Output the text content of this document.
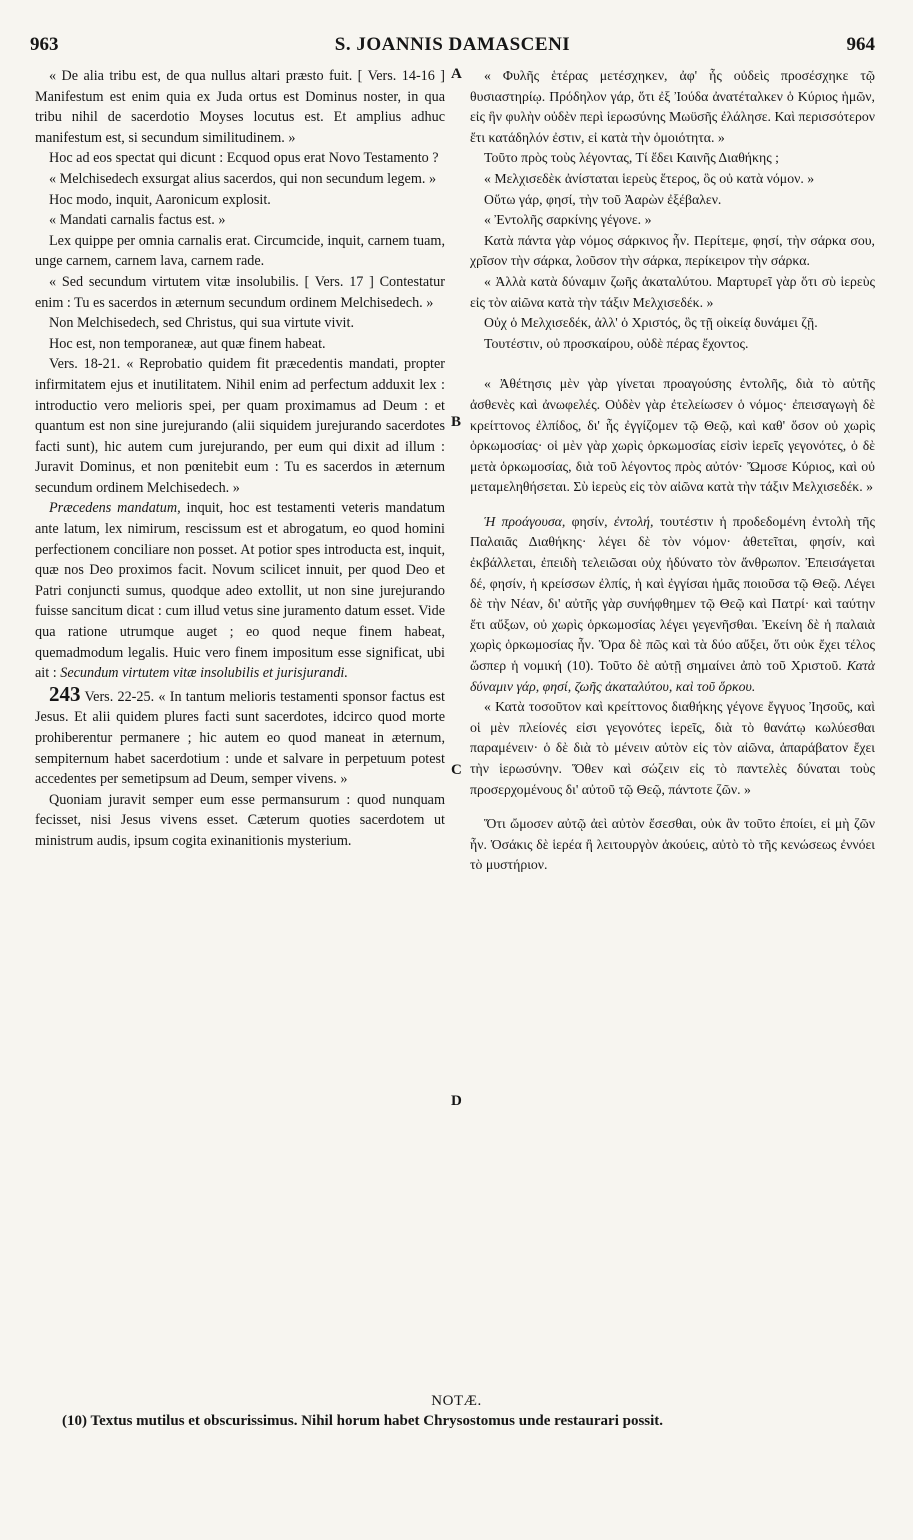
963	S. JOANNIS DAMASCENI	964
A
B
C
D

« De alia tribu est, de qua nullus altari præsto fuit. [ Vers. 14-16 ] Manifestum est enim quia ex Juda ortus est Dominus noster, in qua tribu nihil de sacerdotio Moyses locutus est. Et amplius adhuc manifestum est, si secundum similitudinem. »

Hoc ad eos spectat qui dicunt : Ecquod opus erat Novo Testamento ?

« Melchisedech exsurgat alius sacerdos, qui non secundum legem. »

Hoc modo, inquit, Aaronicum explosit.

« Mandati carnalis factus est. »

Lex quippe per omnia carnalis erat. Circumcide, inquit, carnem tuam, unge carnem, carnem lava, carnem rade.

« Sed secundum virtutem vitæ insolubilis. [ Vers. 17 ] Contestatur enim : Tu es sacerdos in æternum secundum ordinem Melchisedech. »

Non Melchisedech, sed Christus, qui sua virtute vivit.

Hoc est, non temporaneæ, aut quæ finem habeat.

Vers. 18-21. « Reprobatio quidem fit præcedentis mandati, propter infirmitatem ejus et inutilitatem. Nihil enim ad perfectum adduxit lex : introductio vero melioris spei, per quam proximamus ad Deum : et quantum est non sine jurejurando (alii siquidem jurejurando sacerdotes facti sunt), hic autem cum jurejurando, per eum qui dixit ad illum : Juravit Dominus, et non pœnitebit eum : Tu es sacerdos in æternum secundum ordinem Melchisedech. »

Præcedens mandatum, inquit, hoc est testamenti veteris mandatum ante latum, lex nimirum, rescissum est et abrogatum, eo quod homini perfectionem conciliare non posset. At potior spes introducta est, inquit, quæ nos Deo proximos facit. Novum scilicet innuit, per quod Deo et Patri conjuncti sumus, quodque adeo extollit, ut non sine jurejurando fuisse sancitum dicat : cum illud vetus sine juramento datum esset. Vide qua ratione utrumque auget ; eo quod neque finem habeat, quemadmodum legalis. Huic vero finem impositum esse significat, ubi ait : Secundum virtutem vitæ insolubilis et jurisjurandi.

243 Vers. 22-25. « In tantum melioris testamenti sponsor factus est Jesus. Et alii quidem plures facti sunt sacerdotes, idcirco quod morte prohiberentur permanere ; hic autem eo quod maneat in æternum, sempiternum habet sacerdotium : unde et salvare in perpetuum potest accedentes per semetipsum ad Deum, semper vivens. »

Quoniam juravit semper eum esse permansurum : quod nunquam fecisset, nisi Jesus vivens esset. Cæterum quoties sacerdotem ut ministrum audis, ipsum cogita exinanitionis mysterium.

« Φυλῆς ἑτέρας μετέσχηκεν, ἀφ' ἧς οὐδεὶς προσέσχηκε τῷ θυσιαστηρίῳ. Πρόδηλον γάρ, ὅτι ἐξ Ἰούδα ἀνατέταλκεν ὁ Κύριος ἡμῶν, εἰς ἣν φυλὴν οὐδὲν περὶ ἱερωσύνης Μωϋσῆς ἐλάλησε. Καὶ περισσότερον ἔτι κατάδηλόν ἐστιν, εἰ κατὰ τὴν ὁμοιότητα. »

Τοῦτο πρὸς τοὺς λέγοντας, Τί ἔδει Καινῆς Διαθήκης ;

« Μελχισεδὲκ ἀνίσταται ἱερεὺς ἕτερος, ὃς οὐ κατὰ νόμον. »

Οὕτω γάρ, φησί, τὴν τοῦ Ἀαρὼν ἐξέβαλεν.

« Ἐντολῆς σαρκίνης γέγονε. »

Κατὰ πάντα γὰρ νόμος σάρκινος ἦν. Περίτεμε, φησί, τὴν σάρκα σου, χρῖσον τὴν σάρκα, λοῦσον τὴν σάρκα, περίκειρον τὴν σάρκα.

« Ἀλλὰ κατὰ δύναμιν ζωῆς ἀκαταλύτου. Μαρτυρεῖ γὰρ ὅτι σὺ ἱερεὺς εἰς τὸν αἰῶνα κατὰ τὴν τάξιν Μελχισεδέκ. »

Οὐχ ὁ Μελχισεδέκ, ἀλλ' ὁ Χριστός, ὃς τῇ οἰκείᾳ δυνάμει ζῇ.

Τουτέστιν, οὐ προσκαίρου, οὐδὲ πέρας ἔχοντος.

« Ἀθέτησις μὲν γὰρ γίνεται προαγούσης ἐντολῆς, διὰ τὸ αὐτῆς ἀσθενὲς καὶ ἀνωφελές. Οὐδὲν γὰρ ἐτελείωσεν ὁ νόμος· ἐπεισαγωγὴ δὲ κρείττονος ἐλπίδος, δι' ἧς ἐγγίζομεν τῷ Θεῷ, καὶ καθ' ὅσον οὐ χωρὶς ὁρκωμοσίας· οἱ μὲν γὰρ χωρὶς ὁρκωμοσίας εἰσὶν ἱερεῖς γεγονότες, ὁ δὲ μετὰ ὁρκωμοσίας, διὰ τοῦ λέγοντος πρὸς αὐτόν· Ὤμοσε Κύριος, καὶ οὐ μεταμεληθήσεται. Σὺ ἱερεὺς εἰς τὸν αἰῶνα κατὰ τὴν τάξιν Μελχισεδέκ. »

Ἡ προάγουσα, φησίν, ἐντολή, τουτέστιν ἡ προδεδομένη ἐντολὴ τῆς Παλαιᾶς Διαθήκης· λέγει δὲ τὸν νόμον· ἀθετεῖται, φησίν, καὶ ἐκβάλλεται, ἐπειδὴ τελειῶσαι οὐχ ἠδύνατο τὸν ἄνθρωπον. Ἐπεισάγεται δέ, φησίν, ἡ κρείσσων ἐλπίς, ἡ καὶ ἐγγίσαι ἡμᾶς ποιοῦσα τῷ Θεῷ. Λέγει δὲ τὴν Νέαν, δι' αὐτῆς γὰρ συνήφθημεν τῷ Θεῷ καὶ Πατρί· καὶ ταύτην ἔτι αὔξων, οὐ χωρὶς ὁρκωμοσίας λέγει γεγενῆσθαι. Ἐκείνη δὲ ἡ παλαιὰ χωρὶς ὁρκωμοσίας ἦν. Ὅρα δὲ πῶς καὶ τὰ δύο αὔξει, ὅτι οὐκ ἔχει τέλος ὥσπερ ἡ νομική (10). Τοῦτο δὲ αὐτῇ σημαίνει ἀπὸ τοῦ Χριστοῦ. Κατὰ δύναμιν γάρ, φησί, ζωῆς ἀκαταλύτου, καὶ τοῦ ὅρκου.

« Κατὰ τοσοῦτον καὶ κρείττονος διαθήκης γέγονε ἔγγυος Ἰησοῦς, καὶ οἱ μὲν πλείονές εἰσι γεγονότες ἱερεῖς, διὰ τὸ θανάτῳ κωλύεσθαι παραμένειν· ὁ δὲ διὰ τὸ μένειν αὐτὸν εἰς τὸν αἰῶνα, ἀπαράβατον ἔχει τὴν ἱερωσύνην. Ὅθεν καὶ σώζειν εἰς τὸ παντελὲς δύναται τοὺς προσερχομένους δι' αὐτοῦ τῷ Θεῷ, πάντοτε ζῶν. »

Ὅτι ὤμοσεν αὐτῷ ἀεὶ αὐτὸν ἔσεσθαι, οὐκ ἂν τοῦτο ἐποίει, εἰ μὴ ζῶν ἦν. Ὁσάκις δὲ ἱερέα ἢ λειτουργὸν ἀκούεις, αὐτὸ τὸ τῆς κενώσεως ἐννόει τὸ μυστήριον.

NOTÆ.
(10) Textus mutilus et obscurissimus. Nihil horum habet Chrysostomus unde restaurari possit.
